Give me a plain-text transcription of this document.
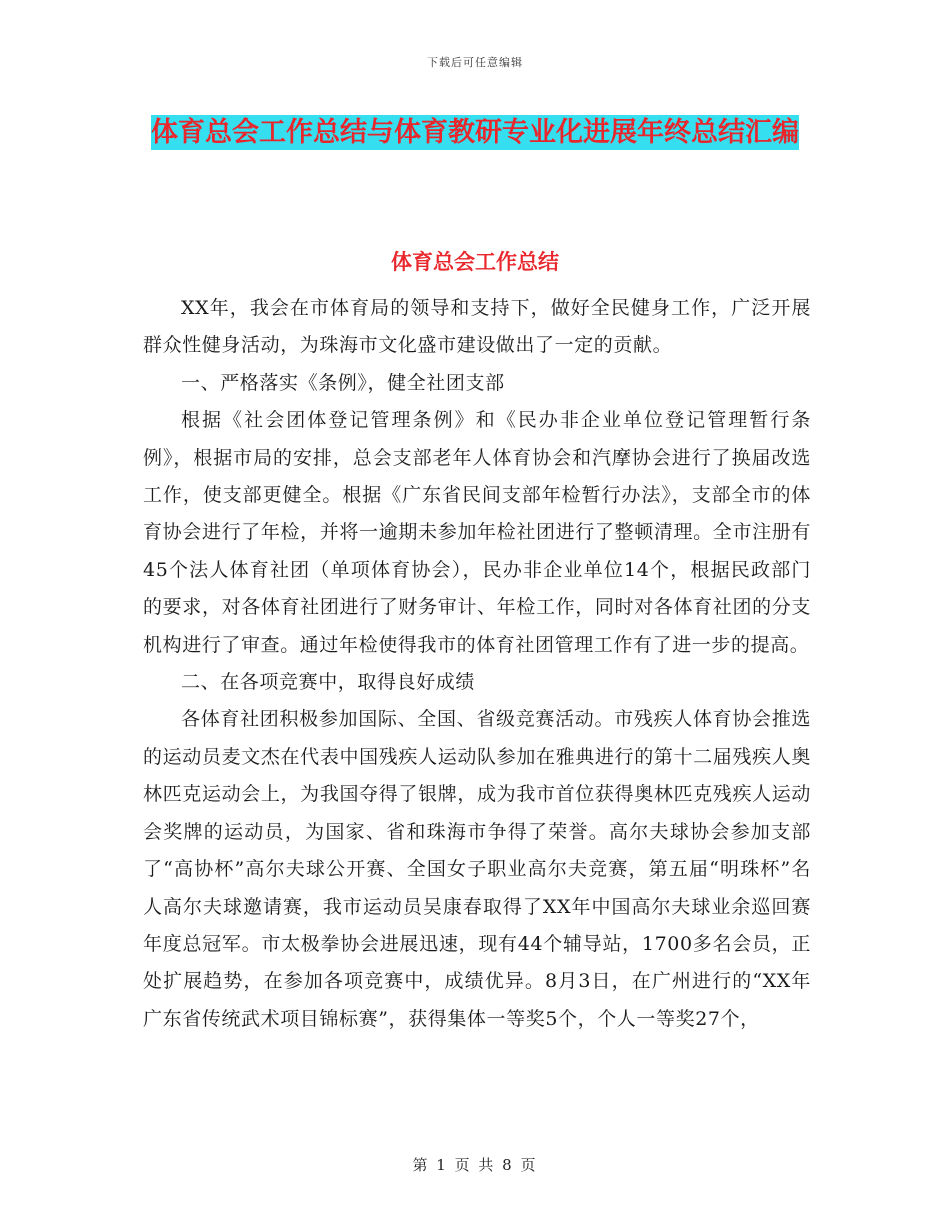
下载后可任意编辑
体育总会工作总结与体育教研专业化进展年终总结汇编
体育总会工作总结

XX年，我会在市体育局的领导和支持下，做好全民健身工作，广泛开展群众性健身活动，为珠海市文化盛市建设做出了一定的贡献。

一、严格落实《条例》，健全社团支部

根据《社会团体登记管理条例》和《民办非企业单位登记管理暂行条例》，根据市局的安排，总会支部老年人体育协会和汽摩协会进行了换届改选工作，使支部更健全。根据《广东省民间支部年检暂行办法》，支部全市的体育协会进行了年检，并将一逾期未参加年检社团进行了整顿清理。全市注册有45个法人体育社团（单项体育协会），民办非企业单位14个，根据民政部门的要求，对各体育社团进行了财务审计、年检工作，同时对各体育社团的分支机构进行了审查。通过年检使得我市的体育社团管理工作有了进一步的提高。

二、在各项竞赛中，取得良好成绩

各体育社团积极参加国际、全国、省级竞赛活动。市残疾人体育协会推选的运动员麦文杰在代表中国残疾人运动队参加在雅典进行的第十二届残疾人奥林匹克运动会上，为我国夺得了银牌，成为我市首位获得奥林匹克残疾人运动会奖牌的运动员，为国家、省和珠海市争得了荣誉。高尔夫球协会参加支部了“高协杯”高尔夫球公开赛、全国女子职业高尔夫竞赛，第五届“明珠杯”名人高尔夫球邀请赛，我市运动员吴康春取得了XX年中国高尔夫球业余巡回赛年度总冠军。市太极拳协会进展迅速，现有44个辅导站，1700多名会员，正处扩展趋势，在参加各项竞赛中，成绩优异。8月3日，在广州进行的“XX年广东省传统武术项目锦标赛”，获得集体一等奖5个，个人一等奖27个，

第 1 页 共 8 页
